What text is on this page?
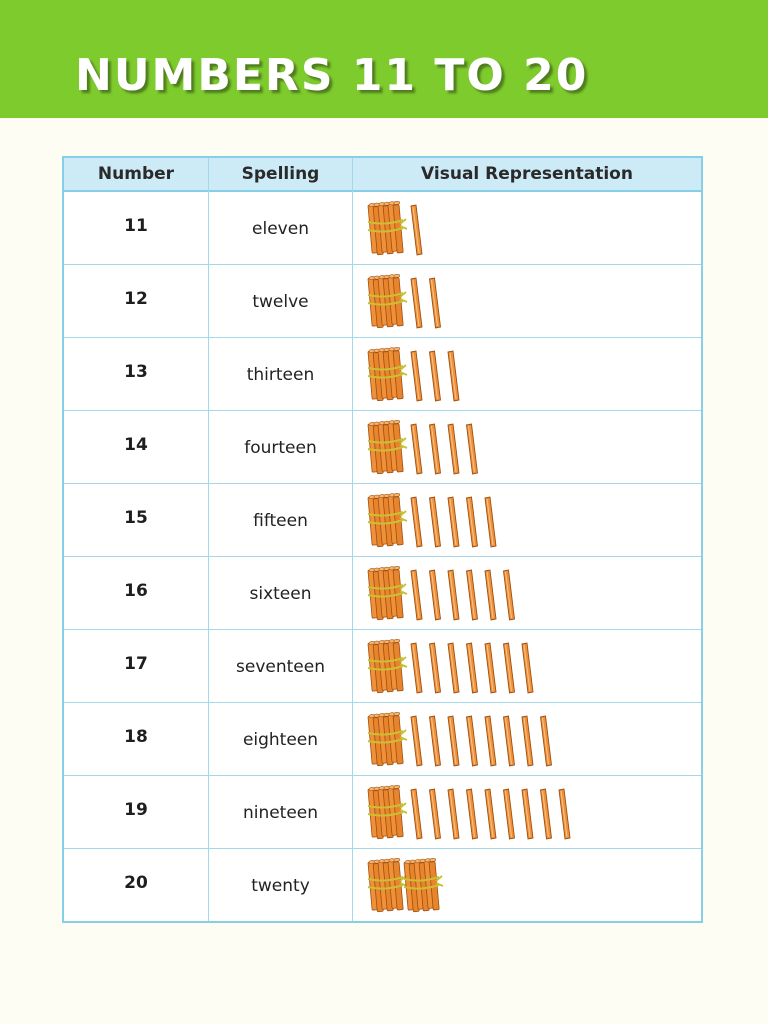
NUMBERS 11 TO 20
Number	Spelling	Visual Representation
11	eleven
12	twelve
13	thirteen
14	fourteen
15	fifteen
16	sixteen
17	seventeen
18	eighteen
19	nineteen
20	twenty
